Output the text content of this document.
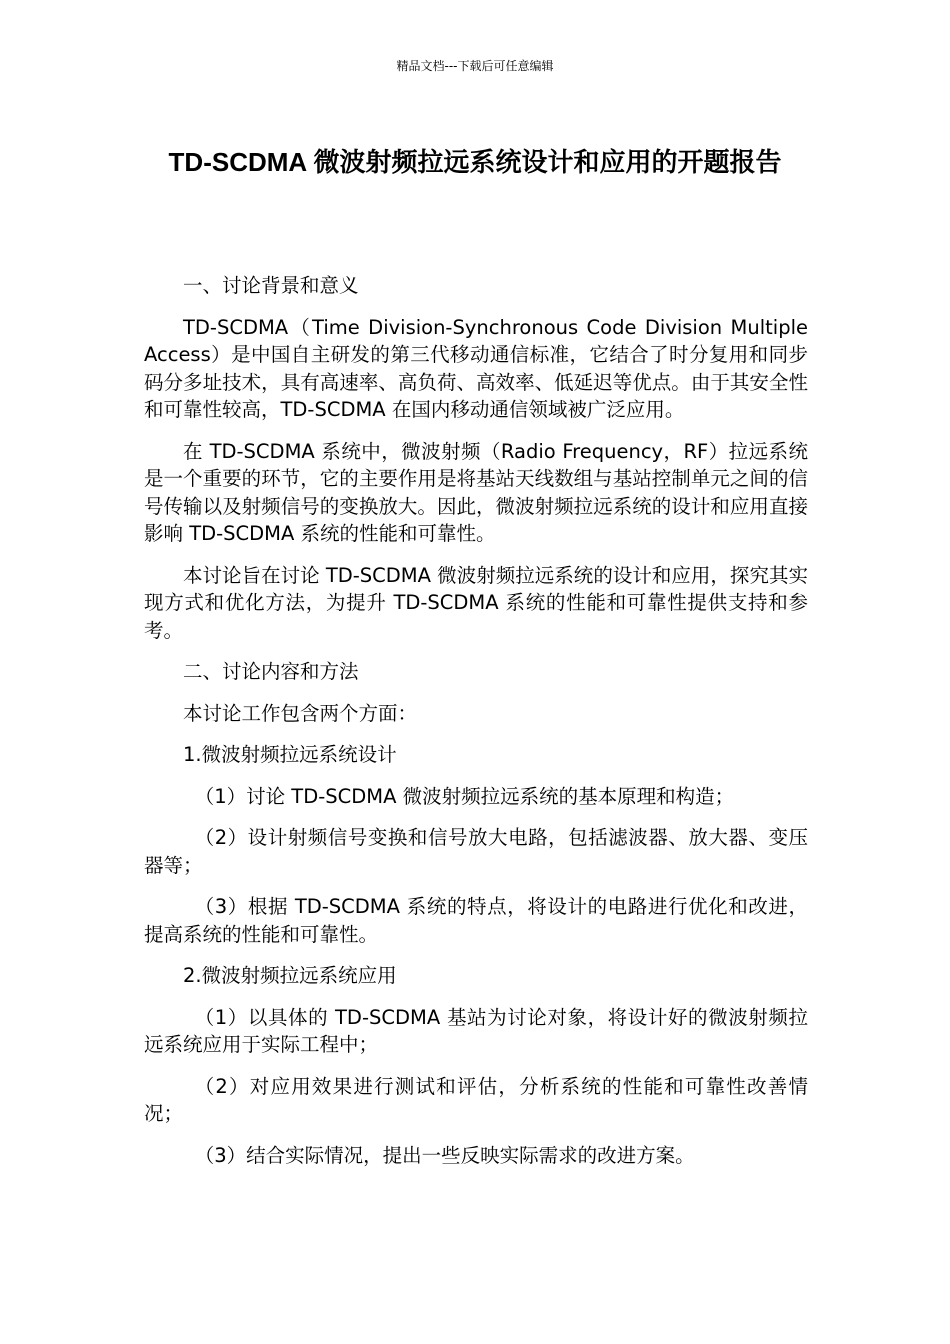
精品文档---下载后可任意编辑
TD-SCDMA 微波射频拉远系统设计和应用的开题报告

一、讨论背景和意义

TD-SCDMA（Time Division-Synchronous Code Division Multiple Access）是中国自主研发的第三代移动通信标准，它结合了时分复用和同步码分多址技术，具有高速率、高负荷、高效率、低延迟等优点。由于其安全性和可靠性较高，TD-SCDMA 在国内移动通信领域被广泛应用。

在 TD-SCDMA 系统中，微波射频（Radio Frequency，RF）拉远系统是一个重要的环节，它的主要作用是将基站天线数组与基站控制单元之间的信号传输以及射频信号的变换放大。因此，微波射频拉远系统的设计和应用直接影响 TD-SCDMA 系统的性能和可靠性。

本讨论旨在讨论 TD-SCDMA 微波射频拉远系统的设计和应用，探究其实现方式和优化方法，为提升 TD-SCDMA 系统的性能和可靠性提供支持和参考。

二、讨论内容和方法

本讨论工作包含两个方面：

1.微波射频拉远系统设计

（1）讨论 TD-SCDMA 微波射频拉远系统的基本原理和构造；

（2）设计射频信号变换和信号放大电路，包括滤波器、放大器、变压器等；

（3）根据 TD-SCDMA 系统的特点，将设计的电路进行优化和改进，提高系统的性能和可靠性。

2.微波射频拉远系统应用

（1）以具体的 TD-SCDMA 基站为讨论对象，将设计好的微波射频拉远系统应用于实际工程中；

（2）对应用效果进行测试和评估，分析系统的性能和可靠性改善情况；

（3）结合实际情况，提出一些反映实际需求的改进方案。
